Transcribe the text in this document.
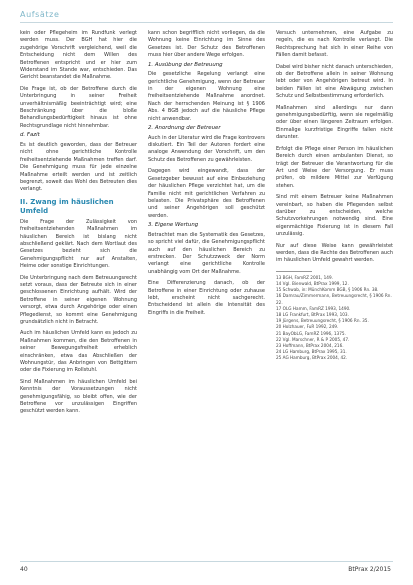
Aufsätze

kein oder Pflegeheim im Rundfunk verlegt werden muss. Der BGH hat hier die zugehörige Vorschrift vergleichend, weil die Entscheidung nicht dem Willen des Betroffenen entspricht und er hier zum Widerstand im Stande war, entschieden. Das Gericht beanstandet die Maßnahme.

Die Frage ist, ob der Betroffene durch die Unterbringung in seiner Freiheit unverhältnismäßig beeinträchtigt wird; eine Beschränkung über die bloße Behandlungsbedürftigkeit hinaus ist ohne Rechtsgrundlage nicht hinnehmbar.

d. Fazit

Es ist deutlich geworden, dass der Betreuer nicht ohne gerichtliche Kontrolle freiheitsentziehende Maßnahmen treffen darf. Die Genehmigung muss für jede einzelne Maßnahme erteilt werden und ist zeitlich begrenzt, soweit das Wohl des Betreuten dies verlangt.

II. Zwang im häuslichen Umfeld

Die Frage der Zulässigkeit von freiheitsentziehenden Maßnahmen im häuslichen Bereich ist bislang nicht abschließend geklärt. Nach dem Wortlaut des Gesetzes bezieht sich die Genehmigungspflicht nur auf Anstalten, Heime oder sonstige Einrichtungen.

Die Unterbringung nach dem Betreuungsrecht setzt voraus, dass der Betreute sich in einer geschlossenen Einrichtung aufhält. Wird der Betroffene in seiner eigenen Wohnung versorgt, etwa durch Angehörige oder einen Pflegedienst, so kommt eine Genehmigung grundsätzlich nicht in Betracht.

Auch im häuslichen Umfeld kann es jedoch zu Maßnahmen kommen, die den Betroffenen in seiner Bewegungsfreiheit erheblich einschränken, etwa das Abschließen der Wohnungstür, das Anbringen von Bettgittern oder die Fixierung im Rollstuhl.

Sind Maßnahmen im häuslichen Umfeld bei Kenntnis der Voraussetzungen nicht genehmigungsfähig, so bleibt offen, wie der Betroffene vor unzulässigen Eingriffen geschützt werden kann.

kann schon begrifflich nicht vorliegen, da die Wohnung keine Einrichtung im Sinne des Gesetzes ist. Der Schutz des Betroffenen muss hier über andere Wege erfolgen.

1. Ausübung der Betreuung

Die gesetzliche Regelung verlangt eine gerichtliche Genehmigung, wenn der Betreuer in der eigenen Wohnung eine freiheitsentziehende Maßnahme anordnet. Nach der herrschenden Meinung ist § 1906 Abs. 4 BGB jedoch auf die häusliche Pflege nicht anwendbar.

2. Anordnung der Betreuer

Auch in der Literatur wird die Frage kontrovers diskutiert. Ein Teil der Autoren fordert eine analoge Anwendung der Vorschrift, um den Schutz des Betroffenen zu gewährleisten.

Dagegen wird eingewandt, dass der Gesetzgeber bewusst auf eine Einbeziehung der häuslichen Pflege verzichtet hat, um die Familie nicht mit gerichtlichen Verfahren zu belasten. Die Privatsphäre des Betroffenen und seiner Angehörigen soll geschützt werden.

3. Eigene Wertung

Betrachtet man die Systematik des Gesetzes, so spricht viel dafür, die Genehmigungspflicht auch auf den häuslichen Bereich zu erstrecken. Der Schutzzweck der Norm verlangt eine gerichtliche Kontrolle unabhängig vom Ort der Maßnahme.

Eine Differenzierung danach, ob der Betroffene in einer Einrichtung oder zuhause lebt, erscheint nicht sachgerecht. Entscheidend ist allein die Intensität des Eingriffs in die Freiheit.

Versuch unternehmen, eine Aufgabe zu regeln, die es nach Kontrolle verlangt. Die Rechtsprechung hat sich in einer Reihe von Fällen damit befasst.

Dabei wird bisher nicht danach unterschieden, ob der Betroffene allein in seiner Wohnung lebt oder von Angehörigen betreut wird. In beiden Fällen ist eine Abwägung zwischen Schutz und Selbstbestimmung erforderlich.

Maßnahmen sind allerdings nur dann genehmigungsbedürftig, wenn sie regelmäßig oder über einen längeren Zeitraum erfolgen. Einmalige kurzfristige Eingriffe fallen nicht darunter.

Erfolgt die Pflege einer Person im häuslichen Bereich durch einen ambulanten Dienst, so trägt der Betreuer die Verantwortung für die Art und Weise der Versorgung. Er muss prüfen, ob mildere Mittel zur Verfügung stehen.

Sind mit einem Betreuer keine Maßnahmen vereinbart, so haben die Pflegenden selbst darüber zu entscheiden, welche Schutzvorkehrungen notwendig sind. Eine eigenmächtige Fixierung ist in diesem Fall unzulässig.

Nur auf diese Weise kann gewährleistet werden, dass die Rechte des Betroffenen auch im häuslichen Umfeld gewahrt werden.

13 BGH, FamRZ 2001, 149.

14 Vgl. Bienwald, BtPrax 1999, 12.

15 Schwab, in: MünchKomm BGB, § 1906 Rn. 38.

16 Damrau/Zimmermann, Betreuungsrecht, § 1906 Rn. 22.

17 OLG Hamm, FamRZ 1993, 1490.

18 LG Frankfurt, BtPrax 1993, 103.

19 Jürgens, Betreuungsrecht, § 1906 Rn. 35.

20 Holzhauer, FuR 1992, 249.

21 BayObLG, FamRZ 1996, 1375.

22 Vgl. Marschner, R & P 2005, 47.

23 Hoffmann, BtPrax 2004, 216.

24 LG Hamburg, BtPrax 1995, 31.

25 AG Hamburg, BtPrax 2004, 42.

40	BtPrax 2/2015
